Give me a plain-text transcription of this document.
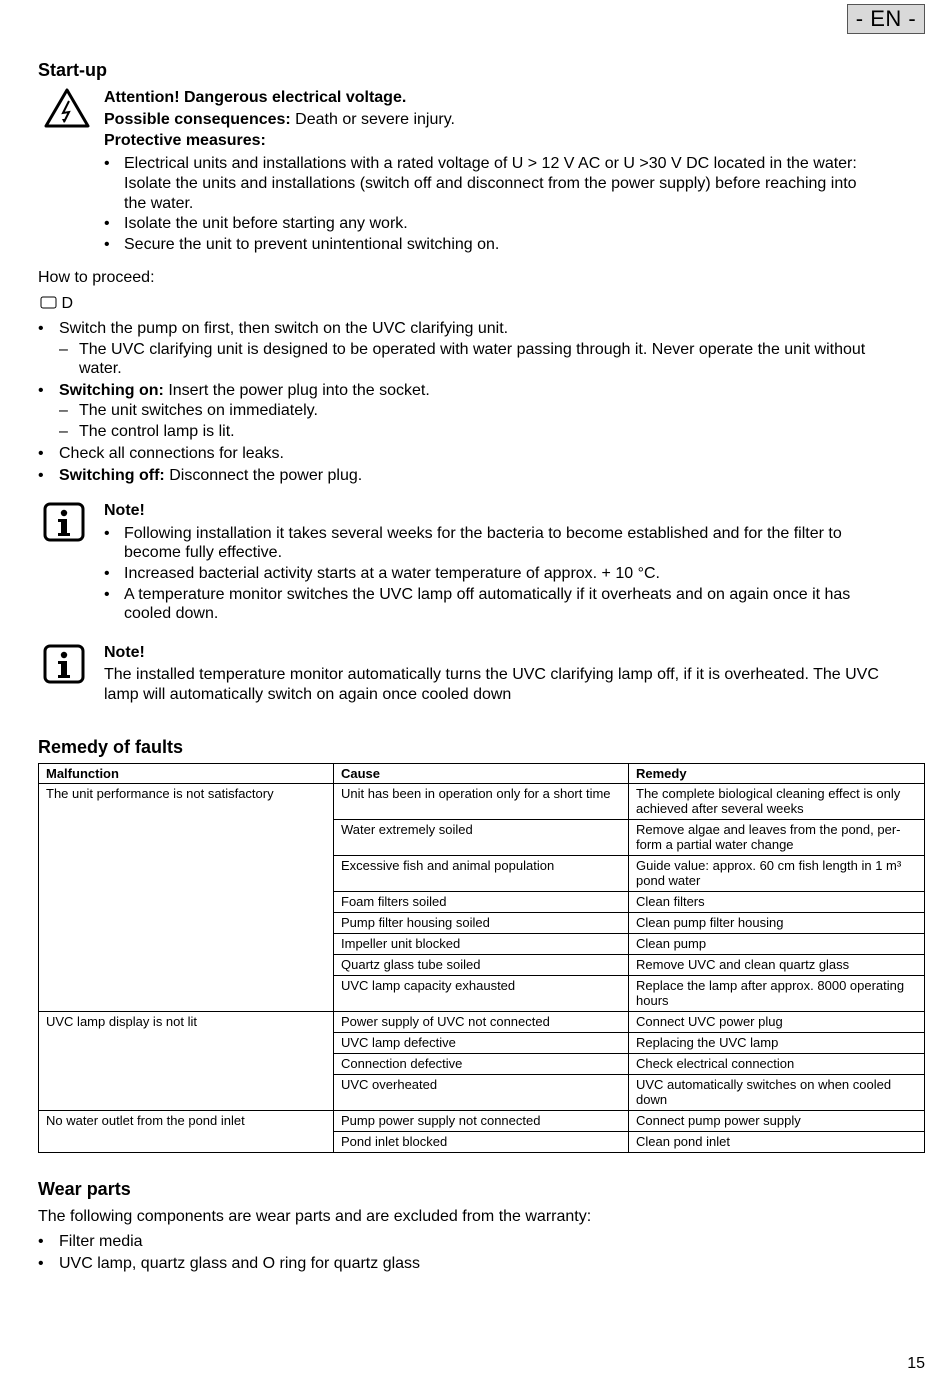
- EN -
Start-up
Attention! Dangerous electrical voltage.
Possible consequences: Death or severe injury.
Protective measures:
• Electrical units and installations with a rated voltage of U > 12 V AC or U >30 V DC located in the water:
Isolate the units and installations (switch off and disconnect from the power supply) before reaching into
the water.
• Isolate the unit before starting any work.
• Secure the unit to prevent unintentional switching on.
How to proceed:
D
• Switch the pump on first, then switch on the UVC clarifying unit.
– The UVC clarifying unit is designed to be operated with water passing through it. Never operate the unit without
water.
• Switching on: Insert the power plug into the socket.
– The unit switches on immediately.
– The control lamp is lit.
• Check all connections for leaks.
• Switching off: Disconnect the power plug.
Note!
• Following installation it takes several weeks for the bacteria to become established and for the filter to
become fully effective.
• Increased bacterial activity starts at a water temperature of approx. + 10 °C.
• A temperature monitor switches the UVC lamp off automatically if it overheats and on again once it has
cooled down.
Note!
The installed temperature monitor automatically turns the UVC clarifying lamp off, if it is overheated. The UVC
lamp will automatically switch on again once cooled down
Remedy of faults
Malfunction	Cause	Remedy
The unit performance is not satisfactory	Unit has been in operation only for a short time	The complete biological cleaning effect is only achieved after several weeks
	Water extremely soiled	Remove algae and leaves from the pond, per-form a partial water change
	Excessive fish and animal population	Guide value: approx. 60 cm fish length in 1 m³ pond water
	Foam filters soiled	Clean filters
	Pump filter housing soiled	Clean pump filter housing
	Impeller unit blocked	Clean pump
	Quartz glass tube soiled	Remove UVC and clean quartz glass
	UVC lamp capacity exhausted	Replace the lamp after approx. 8000 operating hours
UVC lamp display is not lit	Power supply of UVC not connected	Connect UVC power plug
	UVC lamp defective	Replacing the UVC lamp
	Connection defective	Check electrical connection
	UVC overheated	UVC automatically switches on when cooled down
No water outlet from the pond inlet	Pump power supply not connected	Connect pump power supply
	Pond inlet blocked	Clean pond inlet
Wear parts
The following components are wear parts and are excluded from the warranty:
• Filter media
• UVC lamp, quartz glass and O ring for quartz glass
15
